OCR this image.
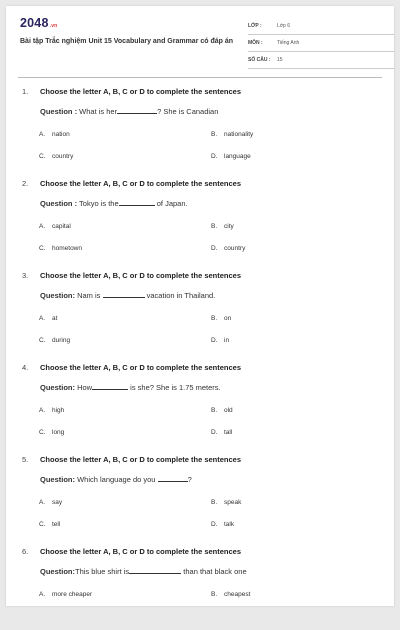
2048.vn
Bài tập Trắc nghiệm Unit 15 Vocabulary and Grammar có đáp án
LỚP :	Lớp 6
MÔN :	Tiếng Anh
SỐ CÂU :	15
1. Choose the letter A, B, C or D to complete the sentences
Question : What is her	? She is Canadian
A. nation	B. nationality
C. country	D. language
2. Choose the letter A, B, C or D to complete the sentences
Question : Tokyo is the	of Japan.
A. capital	B. city
C. hometown	D. country
3. Choose the letter A, B, C or D to complete the sentences
Question: Nam is	vacation in Thailand.
A. at	B. on
C. during	D. in
4. Choose the letter A, B, C or D to complete the sentences
Question: How	is she? She is 1.75 meters.
A. high	B. old
C. long	D. tall
5. Choose the letter A, B, C or D to complete the sentences
Question: Which language do you	?
A. say	B. speak
C. tell	D. talk
6. Choose the letter A, B, C or D to complete the sentences
Question:This blue shirt is	than that black one
A. more cheaper	B. cheapest
